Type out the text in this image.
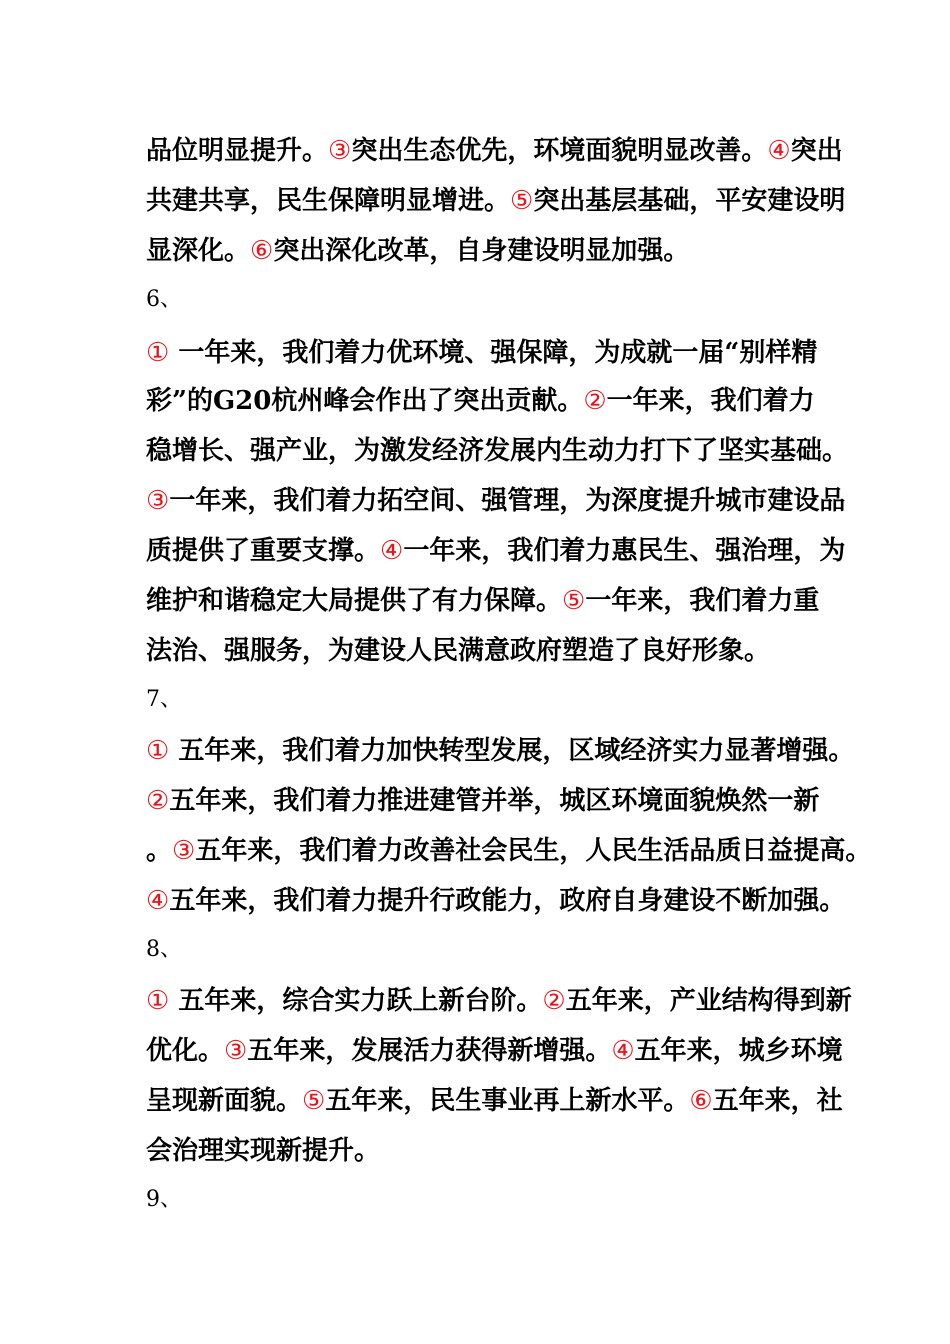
品位明显提升。③突出生态优先，环境面貌明显改善。④突出
共建共享，民生保障明显增进。⑤突出基层基础，平安建设明
显深化。⑥突出深化改革，自身建设明显加强。
6、
① 一年来，我们着力优环境、强保障，为成就一届“别样精
彩”的G20杭州峰会作出了突出贡献。②一年来，我们着力
稳增长、强产业，为激发经济发展内生动力打下了坚实基础。
③一年来，我们着力拓空间、强管理，为深度提升城市建设品
质提供了重要支撑。④一年来，我们着力惠民生、强治理，为
维护和谐稳定大局提供了有力保障。⑤一年来，我们着力重
法治、强服务，为建设人民满意政府塑造了良好形象。
7、
① 五年来，我们着力加快转型发展，区域经济实力显著增强。
②五年来，我们着力推进建管并举，城区环境面貌焕然一新
。③五年来，我们着力改善社会民生，人民生活品质日益提高。
④五年来，我们着力提升行政能力，政府自身建设不断加强。
8、
① 五年来，综合实力跃上新台阶。②五年来，产业结构得到新
优化。③五年来，发展活力获得新增强。④五年来，城乡环境
呈现新面貌。⑤五年来，民生事业再上新水平。⑥五年来，社
会治理实现新提升。
9、
